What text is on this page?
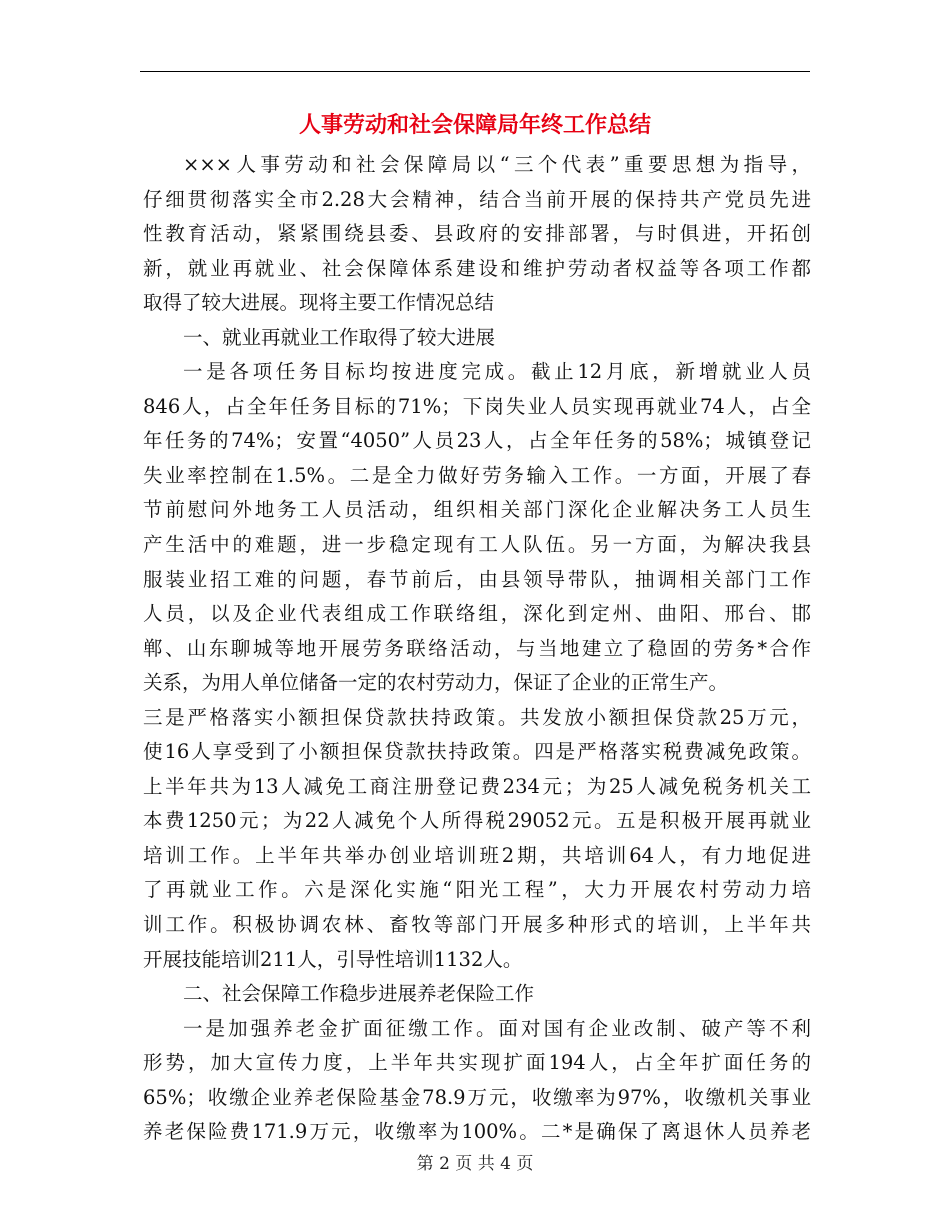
人事劳动和社会保障局年终工作总结
×××人事劳动和社会保障局以“三个代表”重要思想为指导，
仔细贯彻落实全市2.28大会精神，结合当前开展的保持共产党员先进
性教育活动，紧紧围绕县委、县政府的安排部署，与时俱进，开拓创
新，就业再就业、社会保障体系建设和维护劳动者权益等各项工作都
取得了较大进展。现将主要工作情况总结
一、就业再就业工作取得了较大进展
一是各项任务目标均按进度完成。截止12月底，新增就业人员
846人，占全年任务目标的71%；下岗失业人员实现再就业74人，占全
年任务的74%；安置“4050”人员23人，占全年任务的58%；城镇登记
失业率控制在1.5%。二是全力做好劳务输入工作。一方面，开展了春
节前慰问外地务工人员活动，组织相关部门深化企业解决务工人员生
产生活中的难题，进一步稳定现有工人队伍。另一方面，为解决我县
服装业招工难的问题，春节前后，由县领导带队，抽调相关部门工作
人员，以及企业代表组成工作联络组，深化到定州、曲阳、邢台、邯
郸、山东聊城等地开展劳务联络活动，与当地建立了稳固的劳务*合作
关系，为用人单位储备一定的农村劳动力，保证了企业的正常生产。
三是严格落实小额担保贷款扶持政策。共发放小额担保贷款25万元，
使16人享受到了小额担保贷款扶持政策。四是严格落实税费减免政策。
上半年共为13人减免工商注册登记费234元；为25人减免税务机关工
本费1250元；为22人减免个人所得税29052元。五是积极开展再就业
培训工作。上半年共举办创业培训班2期，共培训64人，有力地促进
了再就业工作。六是深化实施“阳光工程”，大力开展农村劳动力培
训工作。积极协调农林、畜牧等部门开展多种形式的培训，上半年共
开展技能培训211人，引导性培训1132人。
二、社会保障工作稳步进展养老保险工作
一是加强养老金扩面征缴工作。面对国有企业改制、破产等不利
形势，加大宣传力度，上半年共实现扩面194人，占全年扩面任务的
65%；收缴企业养老保险基金78.9万元，收缴率为97%，收缴机关事业
养老保险费171.9万元，收缴率为100%。二*是确保了离退休人员养老
第 2 页 共 4 页
